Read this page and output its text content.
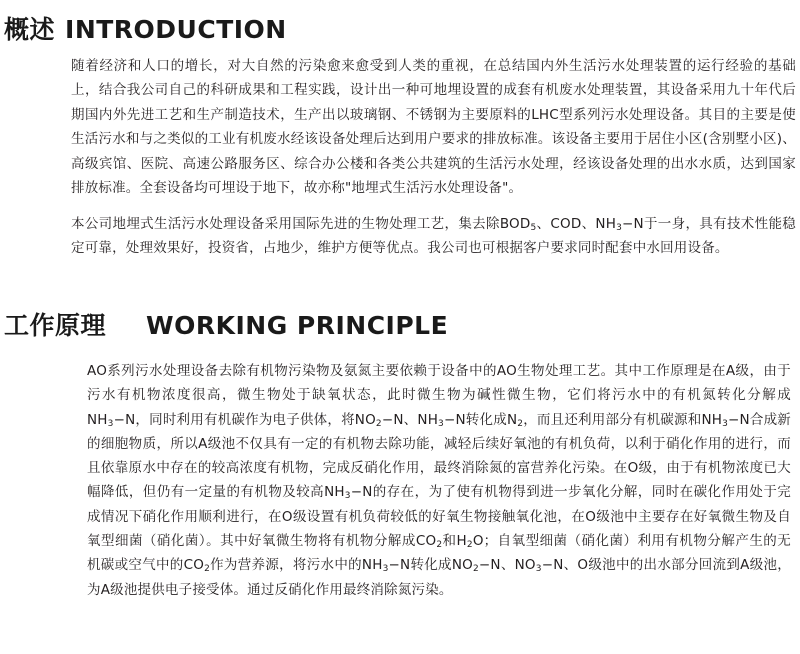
概述 INTRODUCTION

随着经济和人口的增长，对大自然的污染愈来愈受到人类的重视，在总结国内外生活污水处理装置的运行经验的基础上，结合我公司自己的科研成果和工程实践，设计出一种可地埋设置的成套有机废水处理装置，其设备采用九十年代后期国内外先进工艺和生产制造技术，生产出以玻璃钢、不锈钢为主要原料的LHC型系列污水处理设备。其目的主要是使生活污水和与之类似的工业有机废水经该设备处理后达到用户要求的排放标准。该设备主要用于居住小区(含别墅小区)、高级宾馆、医院、高速公路服务区、综合办公楼和各类公共建筑的生活污水处理，经该设备处理的出水水质，达到国家排放标准。全套设备均可埋设于地下，故亦称"地埋式生活污水处理设备"。

本公司地埋式生活污水处理设备采用国际先进的生物处理工艺，集去除$BOD_5$、COD、$NH_3-N$于一身，具有技术性能稳定可靠，处理效果好，投资省，占地少，维护方便等优点。我公司也可根据客户要求同时配套中水回用设备。

工作原理 WORKING PRINCIPLE

AO系列污水处理设备去除有机物污染物及氨氮主要依赖于设备中的AO生物处理工艺。其中工作原理是在A级，由于污水有机物浓度很高，微生物处于缺氧状态，此时微生物为碱性微生物，它们将污水中的有机氮转化分解成$NH_3-N$，同时利用有机碳作为电子供体，将$NO_2-N$、$NH_3-N$转化成$N_2$，而且还利用部分有机碳源和$NH_3-N$合成新的细胞物质，所以A级池不仅具有一定的有机物去除功能，减轻后续好氧池的有机负荷，以利于硝化作用的进行，而且依靠原水中存在的较高浓度有机物，完成反硝化作用，最终消除氮的富营养化污染。在O级，由于有机物浓度已大幅降低，但仍有一定量的有机物及较高$NH_3-N$的存在，为了使有机物得到进一步氧化分解，同时在碳化作用处于完成情况下硝化作用顺利进行，在O级设置有机负荷较低的好氧生物接触氧化池，在O级池中主要存在好氧微生物及自氧型细菌（硝化菌）。其中好氧微生物将有机物分解成$CO_2$和$H_2O$；自氧型细菌（硝化菌）利用有机物分解产生的无机碳或空气中的$CO_2$作为营养源，将污水中的$NH_3-N$转化成$NO_2-N$、$NO_3-N$、O级池中的出水部分回流到A级池，为A级池提供电子接受体。通过反硝化作用最终消除氮污染。
